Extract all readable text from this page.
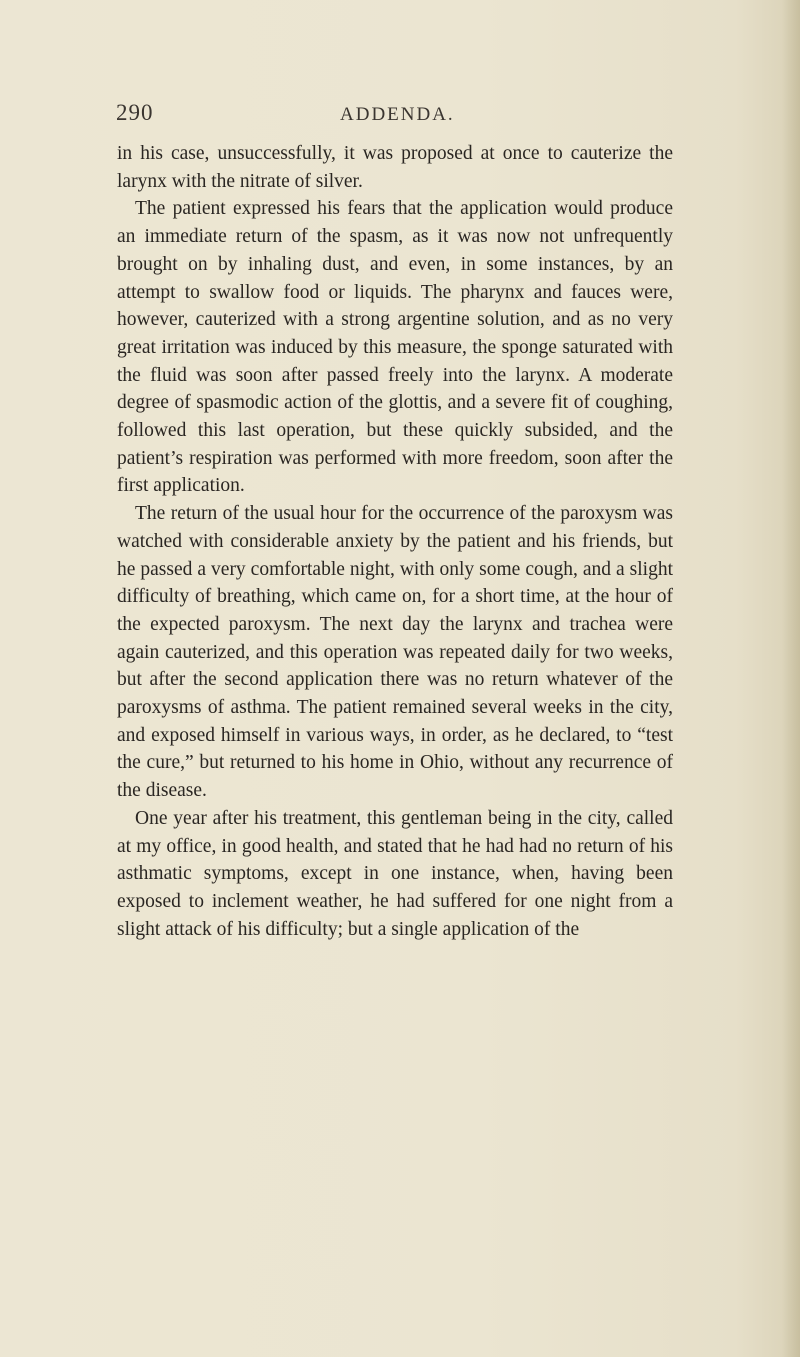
290	ADDENDA.

in his case, unsuccessfully, it was proposed at once to cauterize the larynx with the nitrate of silver.

The patient expressed his fears that the application would produce an immediate return of the spasm, as it was now not unfrequently brought on by inhaling dust, and even, in some instances, by an attempt to swallow food or liquids. The pharynx and fauces were, however, cauterized with a strong argentine solution, and as no very great irritation was induced by this measure, the sponge saturated with the fluid was soon after passed freely into the larynx. A moderate degree of spasmodic action of the glottis, and a severe fit of coughing, followed this last operation, but these quickly subsided, and the patient’s respiration was performed with more freedom, soon after the first application.

The return of the usual hour for the occurrence of the paroxysm was watched with considerable anxiety by the patient and his friends, but he passed a very comfortable night, with only some cough, and a slight difficulty of breathing, which came on, for a short time, at the hour of the expected paroxysm. The next day the larynx and trachea were again cauterized, and this operation was repeated daily for two weeks, but after the second application there was no return whatever of the paroxysms of asthma. The patient remained several weeks in the city, and exposed himself in various ways, in order, as he declared, to “test the cure,” but returned to his home in Ohio, without any recurrence of the disease.

One year after his treatment, this gentleman being in the city, called at my office, in good health, and stated that he had had no return of his asthmatic symptoms, except in one instance, when, having been exposed to inclement weather, he had suffered for one night from a slight attack of his difficulty; but a single application of the
